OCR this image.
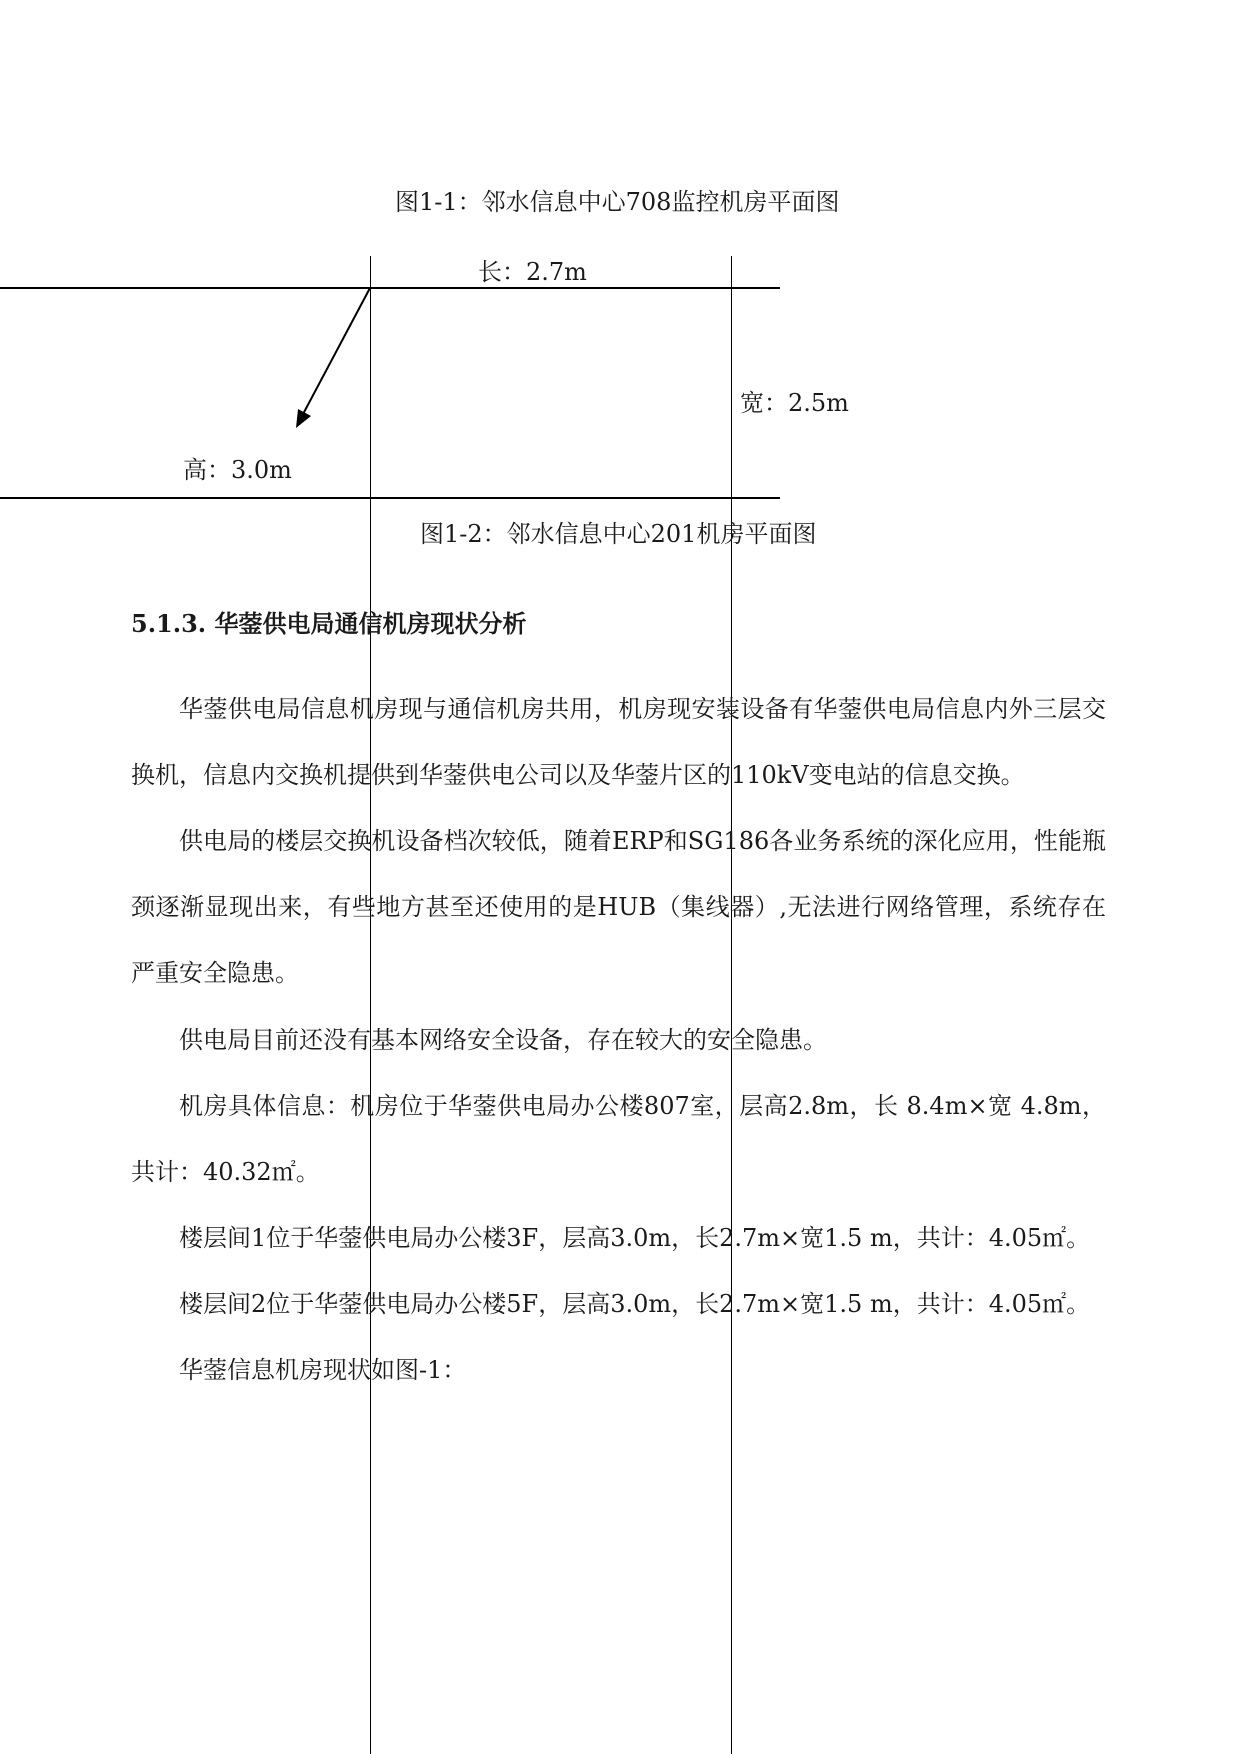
图1-1：邻水信息中心708监控机房平面图
长：2.7m
宽：2.5m
高：3.0m
图1-2：邻水信息中心201机房平面图
5.1.3. 华蓥供电局通信机房现状分析

华蓥供电局信息机房现与通信机房共用，机房现安装设备有华蓥供电局信息内外三层交换机，信息内交换机提供到华蓥供电公司以及华蓥片区的110kV变电站的信息交换。

供电局的楼层交换机设备档次较低，随着ERP和SG186各业务系统的深化应用，性能瓶颈逐渐显现出来，有些地方甚至还使用的是HUB（集线器）,无法进行网络管理，系统存在严重安全隐患。

供电局目前还没有基本网络安全设备，存在较大的安全隐患。

机房具体信息：机房位于华蓥供电局办公楼807室，层高2.8m，长 8.4m×宽 4.8m，共计：40.32㎡。

楼层间1位于华蓥供电局办公楼3F，层高3.0m，长2.7m×宽1.5 m，共计：4.05㎡。

楼层间2位于华蓥供电局办公楼5F，层高3.0m，长2.7m×宽1.5 m，共计：4.05㎡。

华蓥信息机房现状如图-1：
